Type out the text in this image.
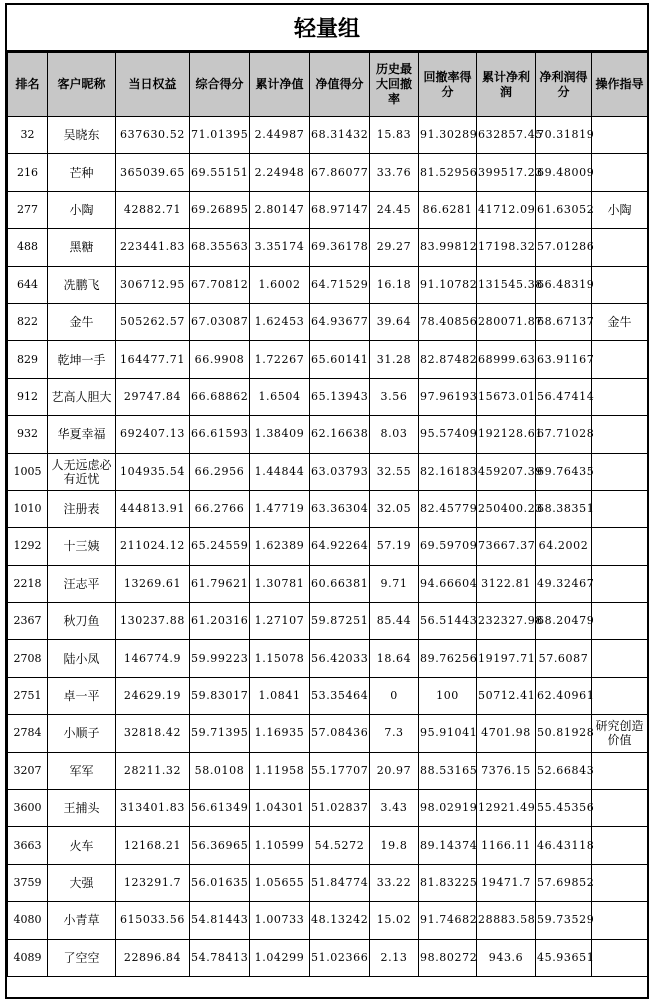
轻量组
排名	客户昵称	当日权益	综合得分	累计净值	净值得分	历史最大回撤率	回撤率得分	累计净利润	净利润得分	操作指导
32	吴晓东	637630.52	71.01395	2.44987	68.31432	15.83	91.30289	632857.45	70.31819	
216	芒种	365039.65	69.55151	2.24948	67.86077	33.76	81.52956	399517.23	69.48009	
277	小陶	42882.71	69.26895	2.80147	68.97147	24.45	86.6281	41712.09	61.63052	小陶
488	黑糖	223441.83	68.35563	3.35174	69.36178	29.27	83.99812	17198.32	57.01286	
644	冼鹏飞	306712.95	67.70812	1.6002	64.71529	16.18	91.10782	131545.38	66.48319	
822	金牛	505262.57	67.03087	1.62453	64.93677	39.64	78.40856	280071.87	68.67137	金牛
829	乾坤一手	164477.71	66.9908	1.72267	65.60141	31.28	82.87482	68999.63	63.91167	
912	艺高人胆大	29747.84	66.68862	1.6504	65.13943	3.56	97.96193	15673.01	56.47414	
932	华夏幸福	692407.13	66.61593	1.38409	62.16638	8.03	95.57409	192128.61	67.71028	
1005	人无远虑必有近忧	104935.54	66.2956	1.44844	63.03793	32.55	82.16183	459207.39	69.76435	
1010	注册表	444813.91	66.2766	1.47719	63.36304	32.05	82.45779	250400.23	68.38351	
1292	十三姨	211024.12	65.24559	1.62389	64.92264	57.19	69.59709	73667.37	64.2002	
2218	汪志平	13269.61	61.79621	1.30781	60.66381	9.71	94.66604	3122.81	49.32467	
2367	秋刀鱼	130237.88	61.20316	1.27107	59.87251	85.44	56.51443	232327.98	68.20479	
2708	陆小凤	146774.9	59.99223	1.15078	56.42033	18.64	89.76256	19197.71	57.6087	
2751	卓一平	24629.19	59.83017	1.0841	53.35464	0	100	50712.41	62.40961	
2784	小顺子	32818.42	59.71395	1.16935	57.08436	7.3	95.91041	4701.98	50.81928	研究创造价值
3207	军军	28211.32	58.0108	1.11958	55.17707	20.97	88.53165	7376.15	52.66843	
3600	王捕头	313401.83	56.61349	1.04301	51.02837	3.43	98.02919	12921.49	55.45356	
3663	火车	12168.21	56.36965	1.10599	54.5272	19.8	89.14374	1166.11	46.43118	
3759	大强	123291.7	56.01635	1.05655	51.84774	33.22	81.83225	19471.7	57.69852	
4080	小青草	615033.56	54.81443	1.00733	48.13242	15.02	91.74682	28883.58	59.73529	
4089	了空空	22896.84	54.78413	1.04299	51.02366	2.13	98.80272	943.6	45.93651	
